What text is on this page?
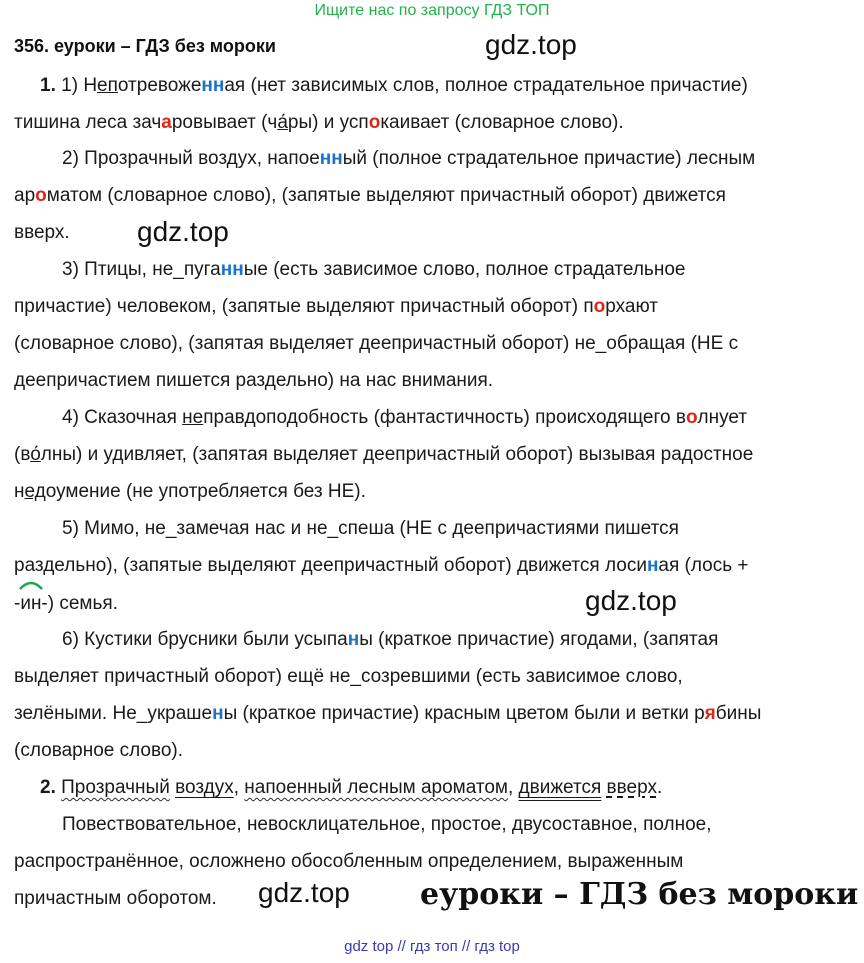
Ищите нас по запросу ГДЗ ТОП
356. еуроки – ГДЗ без мороки	gdz.top
gdz.top
gdz.top
gdz.top еуроки – ГДЗ без мороки
1. 1) Непотревоженная (нет зависимых слов, полное страдательное причастие)
тишина леса зачаровывает (ча́ры) и успокаивает (словарное слово).
2) Прозрачный воздух, напоенный (полное страдательное причастие) лесным
ароматом (словарное слово), (запятые выделяют причастный оборот) движется
вверх.
3) Птицы, не_пуганные (есть зависимое слово, полное страдательное
причастие) человеком, (запятые выделяют причастный оборот) порхают
(словарное слово), (запятая выделяет деепричастный оборот) не_обращая (НЕ с
деепричастием пишется раздельно) на нас внимания.
4) Сказочная неправдоподобность (фантастичность) происходящего волнует
(во́лны) и удивляет, (запятая выделяет деепричастный оборот) вызывая радостное
недоумение (не употребляется без НЕ).
5) Мимо, не_замечая нас и не_спеша (НЕ с деепричастиями пишется
раздельно), (запятые выделяют деепричастный оборот) движется лосиная (лось +
-ин-) семья.
6) Кустики брусники были усыпаны (краткое причастие) ягодами, (запятая
выделяет причастный оборот) ещё не_созревшими (есть зависимое слово,
зелёными. Не_украшены (краткое причастие) красным цветом были и ветки рябины
(словарное слово).
2. Прозрачный воздух, напоенный лесным ароматом, движется вверх.
Повествовательное, невосклицательное, простое, двусоставное, полное,
распространённое, осложнено обособленным определением, выраженным
причастным оборотом.
gdz top // гдз топ // гдз top
